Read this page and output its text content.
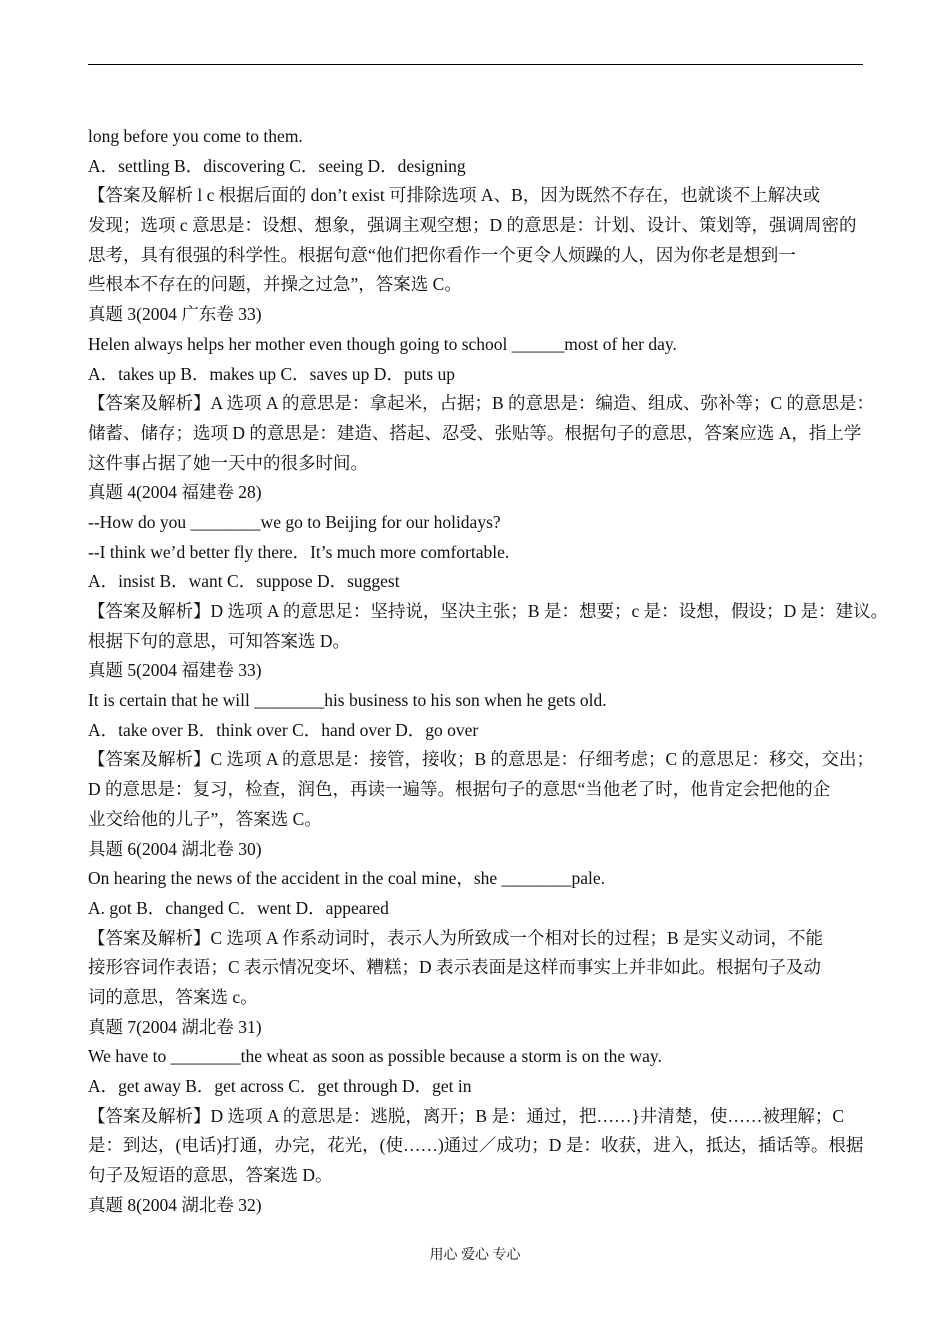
long before you come to them.
A．settling B．discovering C．seeing D．designing
【答案及解析 l c 根据后面的 don’t exist 可排除选项 A、B，因为既然不存在，也就谈不上解决或
发现；选项 c 意思是：设想、想象，强调主观空想；D 的意思是：计划、设计、策划等，强调周密的
思考，具有很强的科学性。根据句意“他们把你看作一个更令人烦躁的人，因为你老是想到一
些根本不存在的问题，并操之过急”，答案选 C。
真题 3(2004 广东卷 33)
Helen always helps her mother even though going to school ______most of her day.
A．takes up B．makes up C．saves up D．puts up
【答案及解析】A 选项 A 的意思是：拿起米，占据；B 的意思是：编造、组成、弥补等；C 的意思是：
储蓄、储存；选项 D 的意思是：建造、搭起、忍受、张贴等。根据句子的意思，答案应选 A，指上学
这件事占据了她一天中的很多时间。
真题 4(2004 福建卷 28)
--How do you ________we go to Beijing for our holidays?
--I think we’d better fly there．It’s much more comfortable.
A．insist B．want C．suppose D．suggest
【答案及解析】D 选项 A 的意思足：坚持说，坚决主张；B 是：想要；c 是：设想，假设；D 是：建议。
根据下句的意思，可知答案选 D。
真题 5(2004 福建卷 33)
It is certain that he will ________his business to his son when he gets old.
A．take over B．think over C．hand over D．go over
【答案及解析】C 选项 A 的意思是：接管，接收；B 的意思是：仔细考虑；C 的意思足：移交，交出；
D 的意思是：复习，检查，润色，再读一遍等。根据句子的意思“当他老了时，他肯定会把他的企
业交给他的儿子”，答案选 C。
具题 6(2004 湖北卷 30)
On hearing the news of the accident in the coal mine，she ________pale.
A. got B．changed C．went D．appeared
【答案及解析】C 选项 A 作系动词时，表示人为所致成一个相对长的过程；B 是实义动词，不能
接形容词作表语；C 表示情况变坏、糟糕；D 表示表面是这样而事实上并非如此。根据句子及动
词的意思，答案选 c。
真题 7(2004 湖北卷 31)
We have to ________the wheat as soon as possible because a storm is on the way.
A．get away B．get across C．get through D．get in
【答案及解析】D 选项 A 的意思是：逃脱，离开；B 是：通过，把……}井清楚，使……被理解；C
是：到达，(电话)打通，办完，花光，(使……)通过／成功；D 是：收获，进入，抵达，插话等。根据
句子及短语的意思，答案选 D。
真题 8(2004 湖北卷 32)
用心 爱心 专心
